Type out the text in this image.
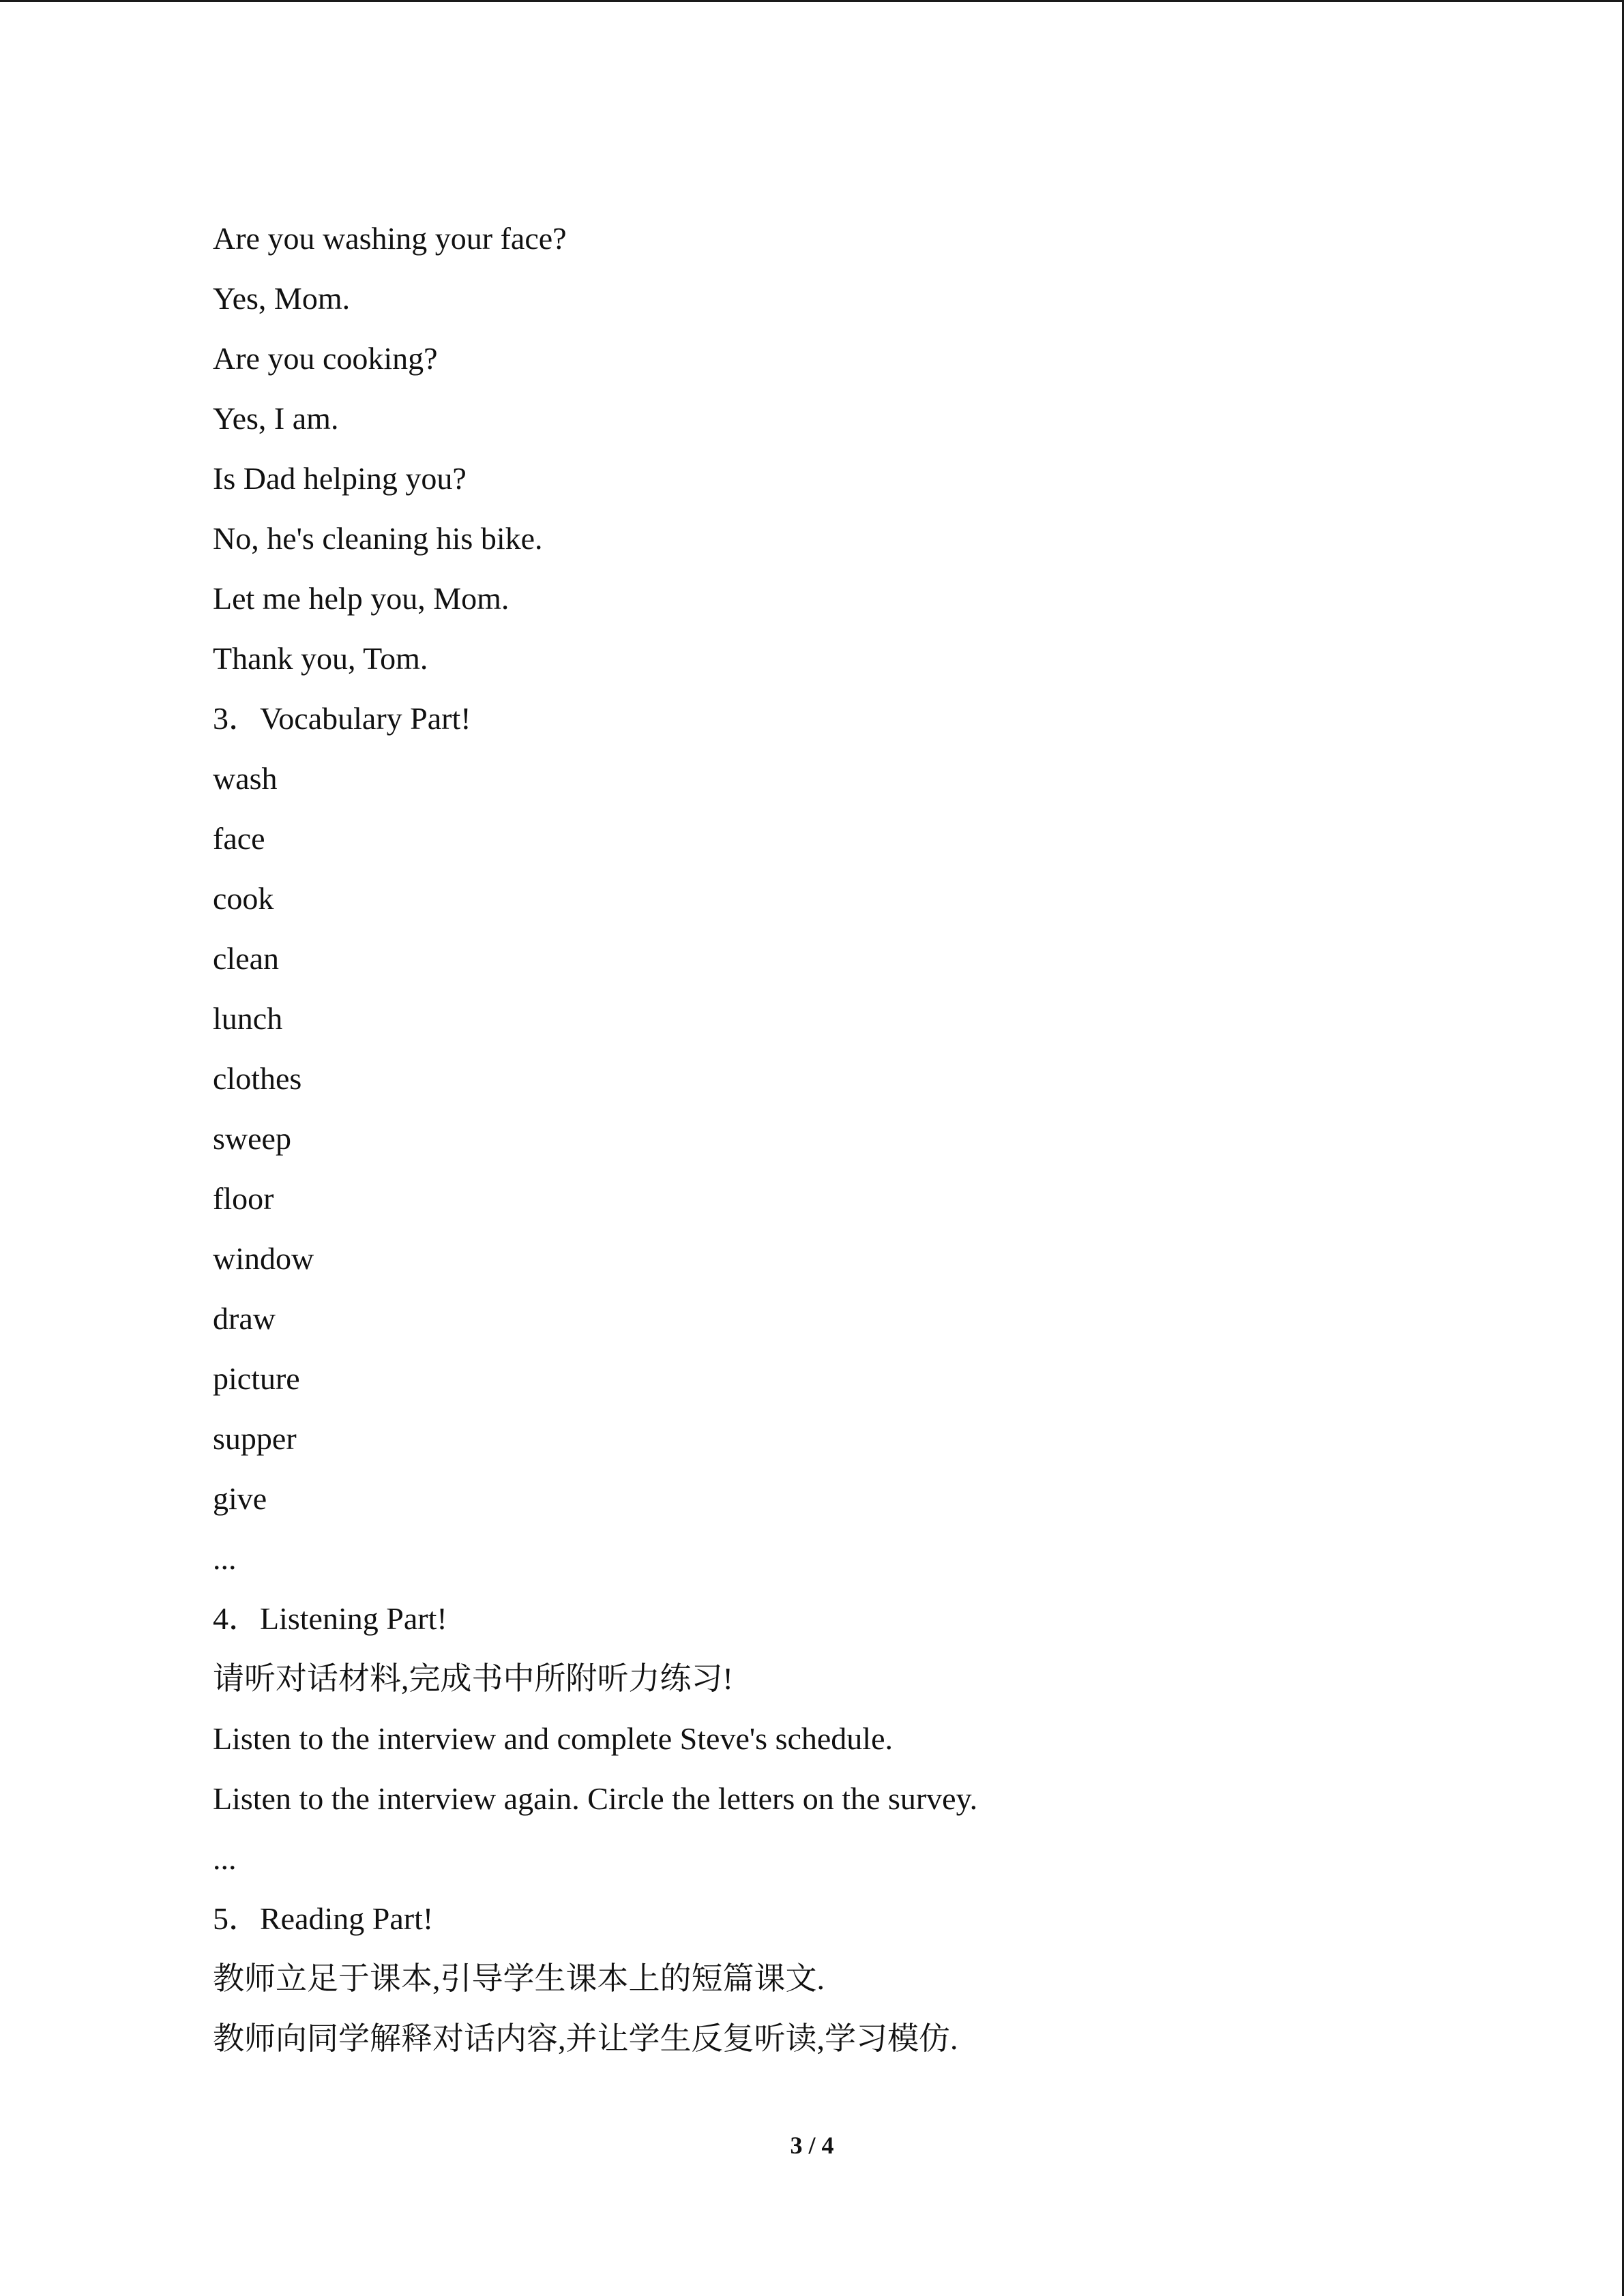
Are you washing your face?
Yes, Mom.
Are you cooking?
Yes, I am.
Is Dad helping you?
No, he's cleaning his bike.
Let me help you, Mom.
Thank you, Tom.
3．Vocabulary Part!
wash
face
cook
clean
lunch
clothes
sweep
floor
window
draw
picture
supper
give
...
4．Listening Part!
请听对话材料,完成书中所附听力练习!
Listen to the interview and complete Steve's schedule.
Listen to the interview again. Circle the letters on the survey.
...
5．Reading Part!
教师立足于课本,引导学生课本上的短篇课文.
教师向同学解释对话内容,并让学生反复听读,学习模仿.
3 / 4
